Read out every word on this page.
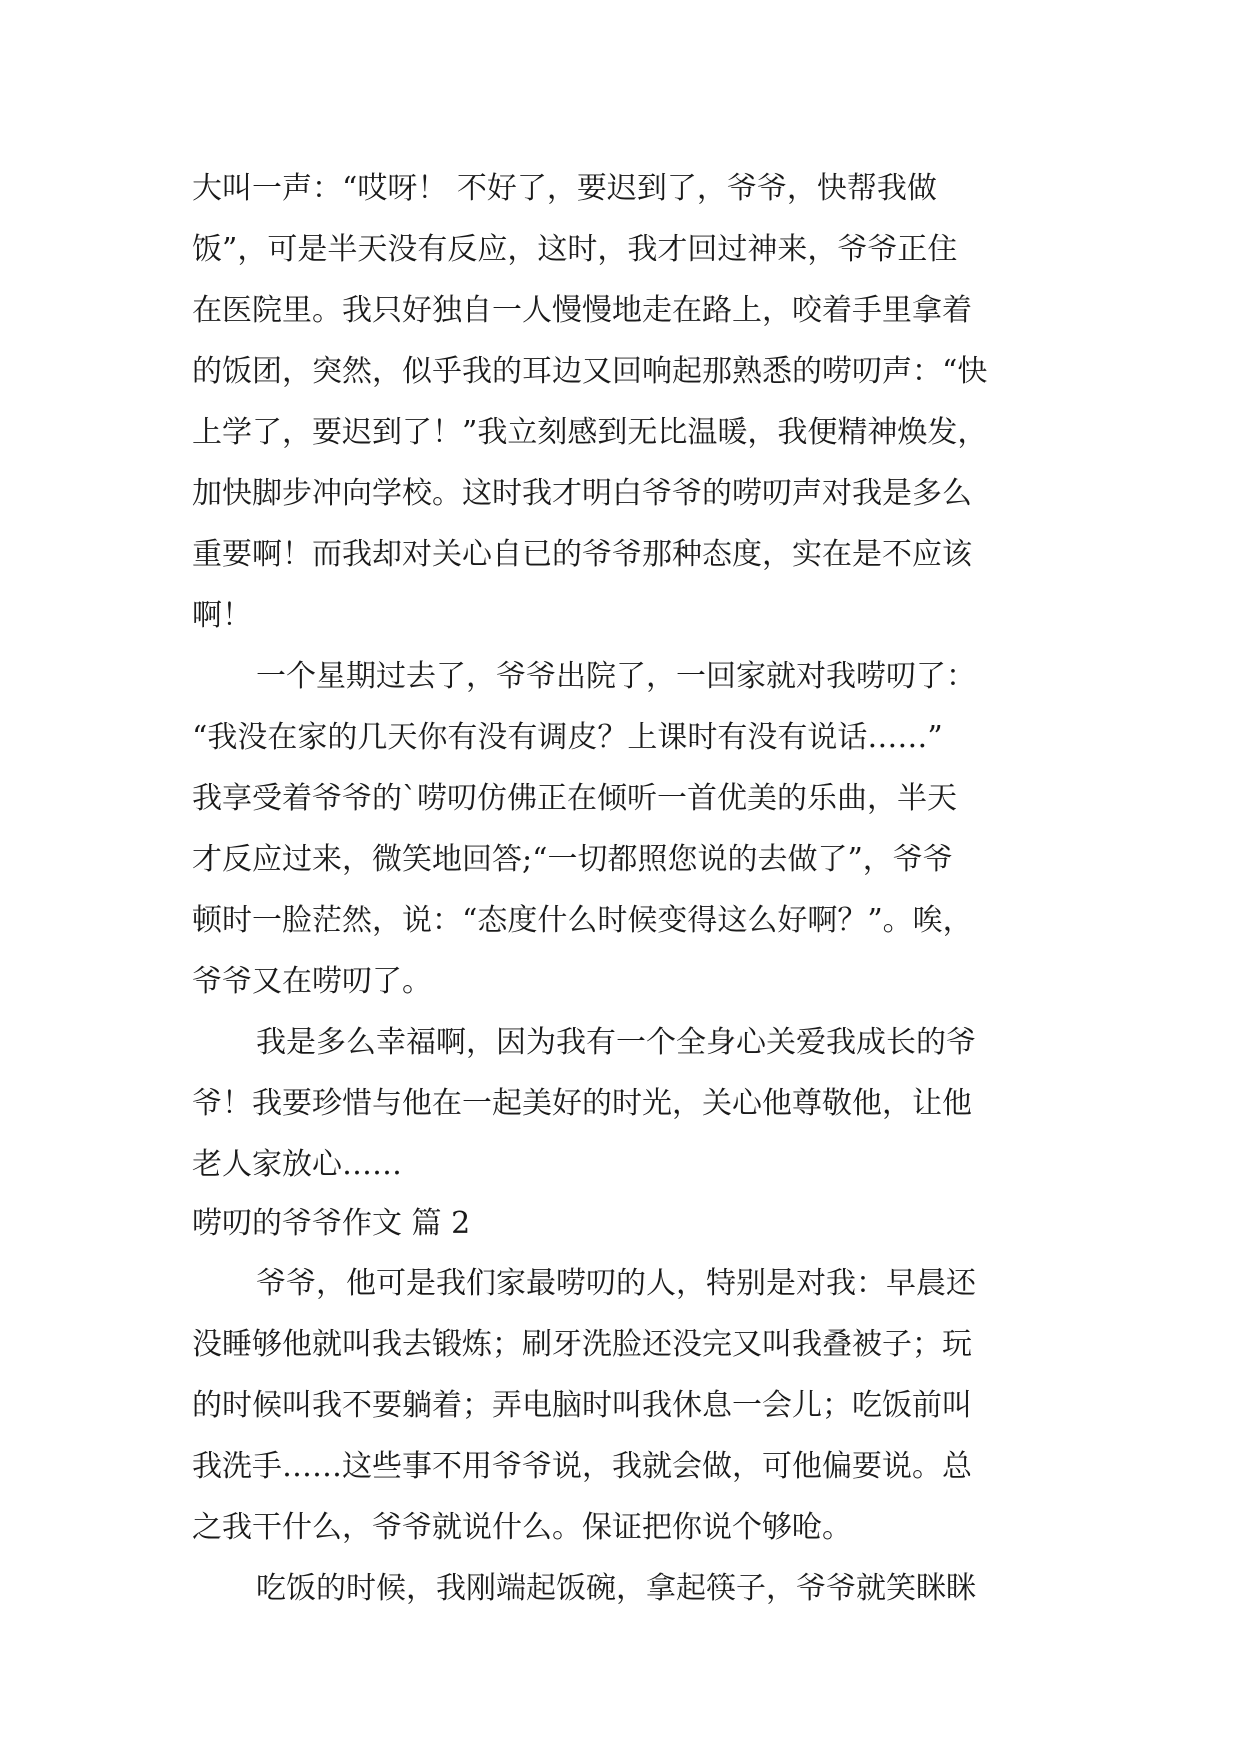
大叫一声：“哎呀！ 不好了，要迟到了，爷爷，快帮我做
饭”，可是半天没有反应，这时，我才回过神来，爷爷正住
在医院里。我只好独自一人慢慢地走在路上，咬着手里拿着
的饭团，突然，似乎我的耳边又回响起那熟悉的唠叨声：“快
上学了，要迟到了！”我立刻感到无比温暖，我便精神焕发，
加快脚步冲向学校。这时我才明白爷爷的唠叨声对我是多么
重要啊！而我却对关心自已的爷爷那种态度，实在是不应该
啊！
一个星期过去了，爷爷出院了，一回家就对我唠叨了：
“我没在家的几天你有没有调皮？上课时有没有说话……”
我享受着爷爷的`唠叨仿佛正在倾听一首优美的乐曲，半天
才反应过来，微笑地回答;“一切都照您说的去做了”，爷爷
顿时一脸茫然，说：“态度什么时候变得这么好啊？”。唉，
爷爷又在唠叨了。
我是多么幸福啊，因为我有一个全身心关爱我成长的爷
爷！我要珍惜与他在一起美好的时光，关心他尊敬他，让他
老人家放心……
唠叨的爷爷作文 篇 2
爷爷，他可是我们家最唠叨的人，特别是对我：早晨还
没睡够他就叫我去锻炼；刷牙洗脸还没完又叫我叠被子；玩
的时候叫我不要躺着；弄电脑时叫我休息一会儿；吃饭前叫
我洗手……这些事不用爷爷说，我就会做，可他偏要说。总
之我干什么，爷爷就说什么。保证把你说个够呛。
吃饭的时候，我刚端起饭碗，拿起筷子，爷爷就笑眯眯
